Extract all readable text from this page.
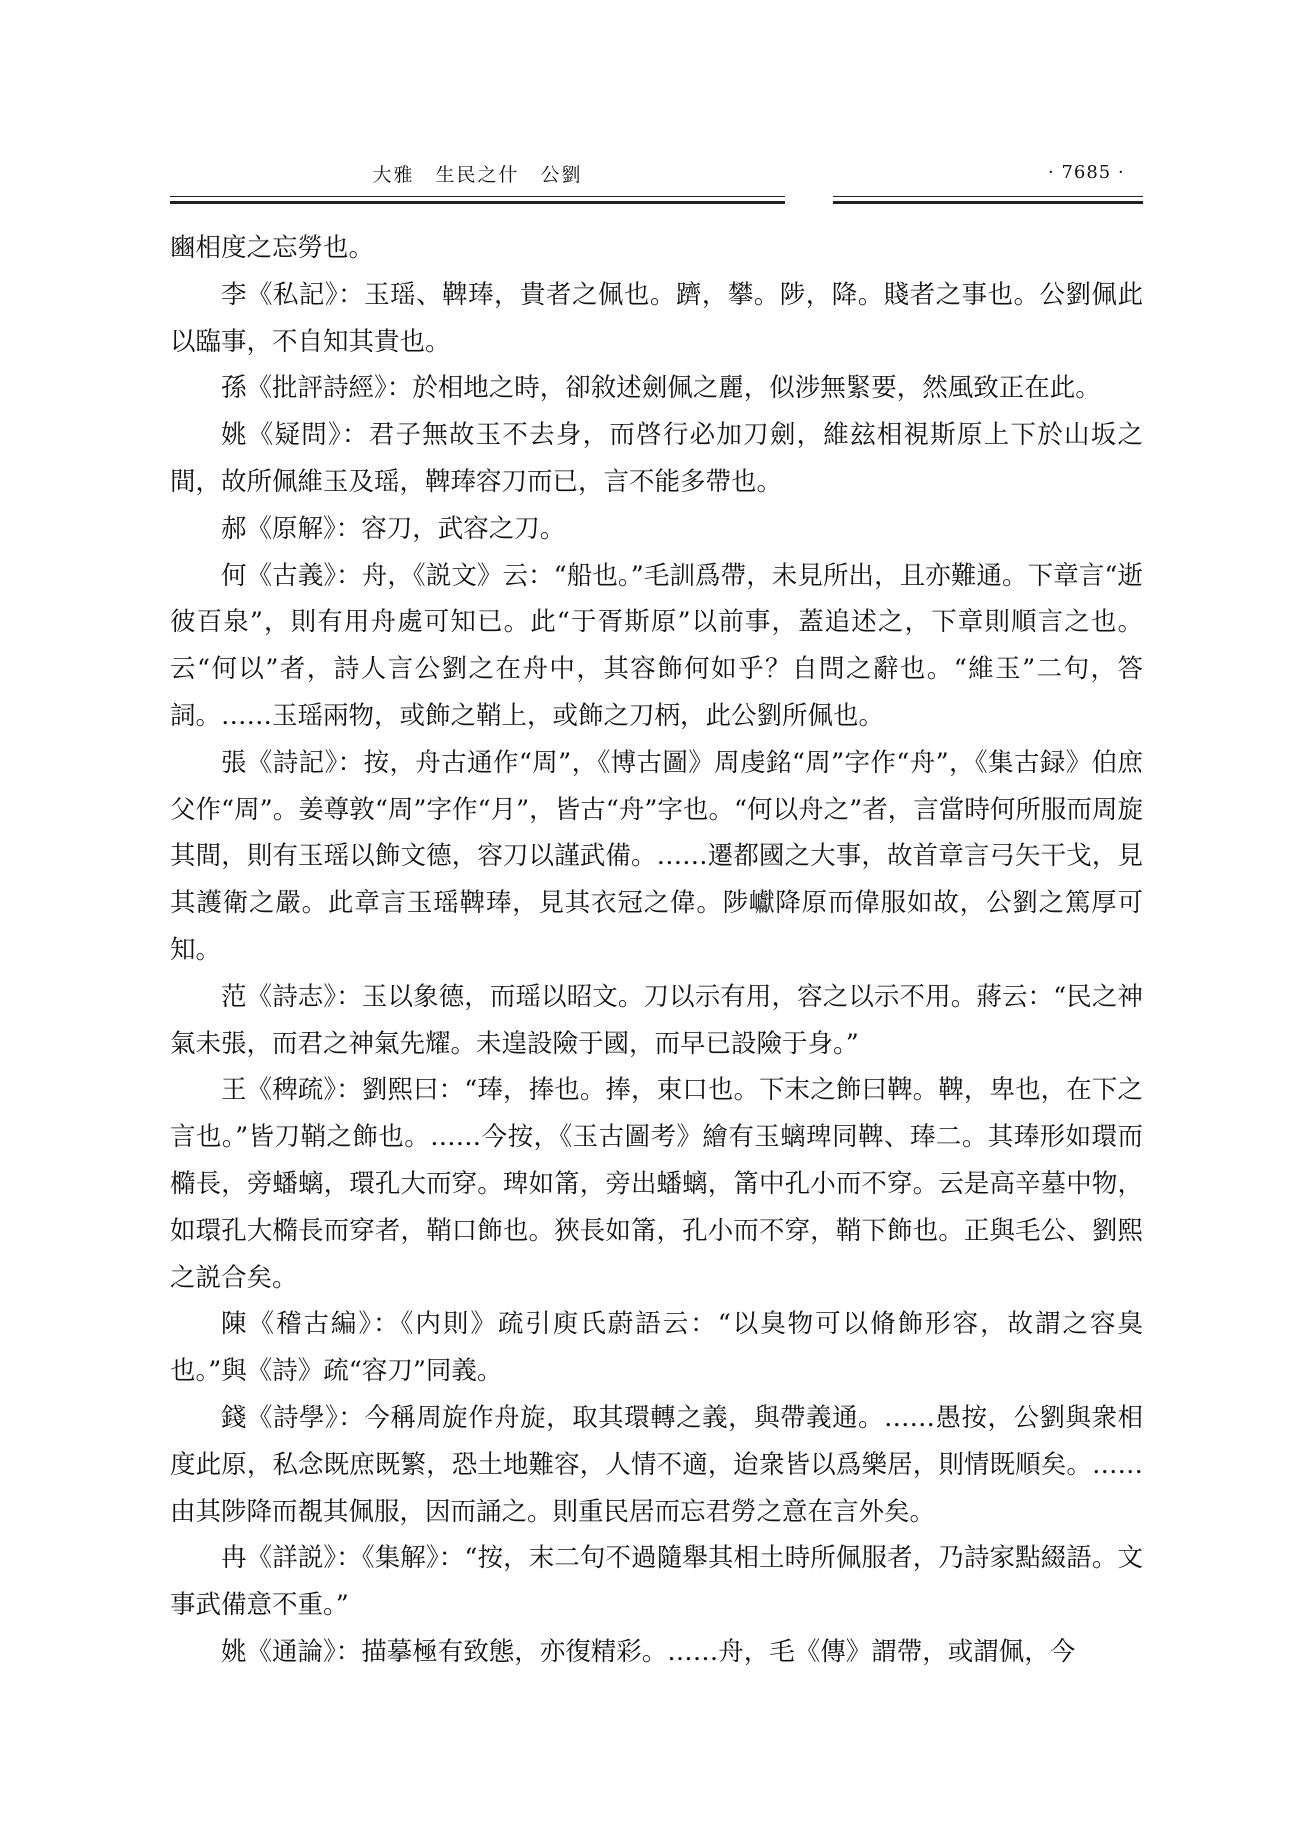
大雅　生民之什　公劉	· 7685 ·

豳相度之忘勞也。

李《私記》：玉瑶、鞞琫，貴者之佩也。躋，攀。陟，降。賤者之事也。公劉佩此以臨事，不自知其貴也。

孫《批評詩經》：於相地之時，卻敘述劍佩之麗，似涉無緊要，然風致正在此。

姚《疑問》：君子無故玉不去身，而啓行必加刀劍，維玆相視斯原上下於山坂之間，故所佩維玉及瑶，鞞琫容刀而已，言不能多帶也。

郝《原解》：容刀，武容之刀。

何《古義》：舟，《説文》云：“船也。”毛訓爲帶，未見所出，且亦難通。下章言“逝彼百泉”，則有用舟處可知已。此“于胥斯原”以前事，蓋追述之，下章則順言之也。云“何以”者，詩人言公劉之在舟中，其容飾何如乎？自問之辭也。“維玉”二句，答詞。……玉瑶兩物，或飾之鞘上，或飾之刀柄，此公劉所佩也。

張《詩記》：按，舟古通作“周”，《博古圖》周虔銘“周”字作“舟”，《集古録》伯庶父作“周”。姜尊敦“周”字作“月”，皆古“舟”字也。“何以舟之”者，言當時何所服而周旋其間，則有玉瑶以飾文德，容刀以謹武備。……遷都國之大事，故首章言弓矢干戈，見其護衛之嚴。此章言玉瑶鞞琫，見其衣冠之偉。陟巘降原而偉服如故，公劉之篤厚可知。

范《詩志》：玉以象德，而瑶以昭文。刀以示有用，容之以示不用。蔣云：“民之神氣未張，而君之神氣先耀。未遑設險于國，而早已設險于身。”

王《稗疏》：劉熙曰：“琫，捧也。捧，束口也。下末之飾曰鞞。鞞，卑也，在下之言也。”皆刀鞘之飾也。……今按，《玉古圖考》繪有玉螭琕同鞞、琫二。其琫形如環而橢長，旁蟠螭，環孔大而穿。琕如筩，旁出蟠螭，筩中孔小而不穿。云是高辛墓中物，如環孔大橢長而穿者，鞘口飾也。狹長如筩，孔小而不穿，鞘下飾也。正與毛公、劉熙之説合矣。

陳《稽古編》：《内則》疏引庾氏蔚語云：“以臭物可以脩飾形容，故謂之容臭也。”與《詩》疏“容刀”同義。

錢《詩學》：今稱周旋作舟旋，取其環轉之義，與帶義通。……愚按，公劉與衆相度此原，私念既庶既繁，恐土地難容，人情不適，迨衆皆以爲樂居，則情既順矣。……由其陟降而覩其佩服，因而誦之。則重民居而忘君勞之意在言外矣。

冉《詳説》：《集解》：“按，末二句不過隨舉其相土時所佩服者，乃詩家點綴語。文事武備意不重。”

姚《通論》：描摹極有致態，亦復精彩。……舟，毛《傳》謂帶，或謂佩，今
